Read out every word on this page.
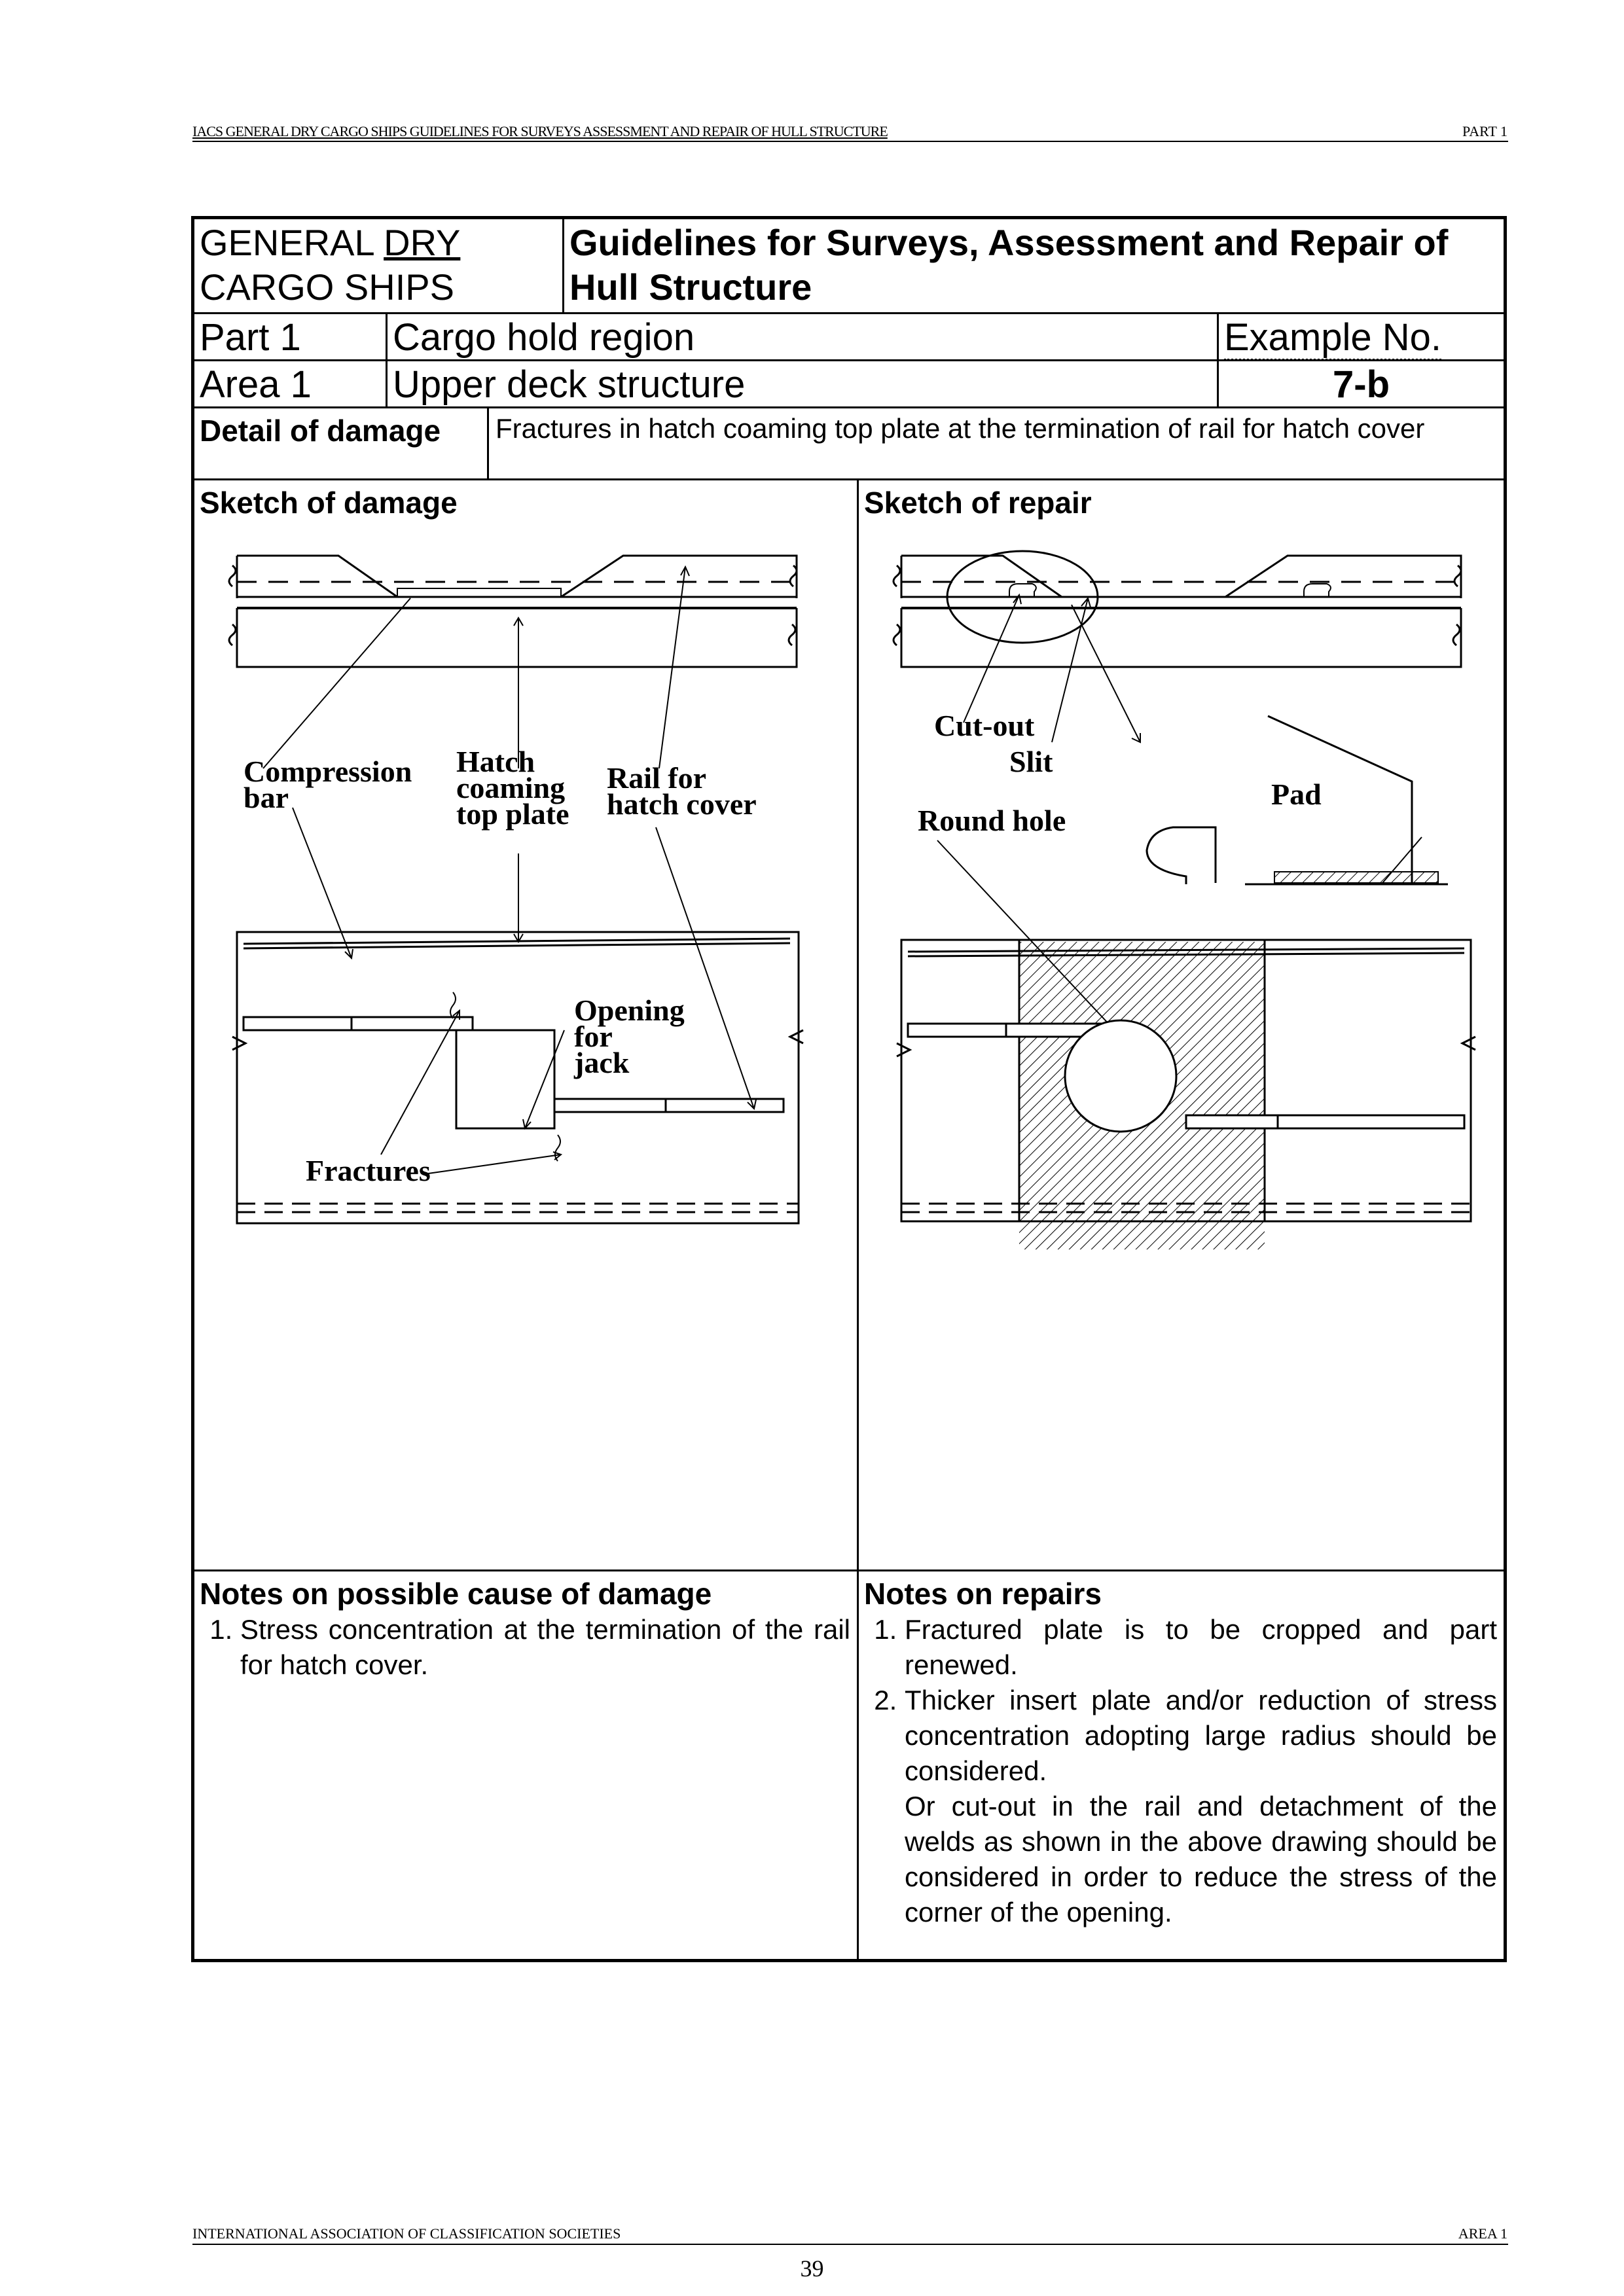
IACS GENERAL DRY CARGO SHIPS GUIDELINES FOR SURVEYS ASSESSMENT AND REPAIR OF HULL STRUCTURE	PART 1
GENERAL DRY
CARGO SHIPS
Guidelines for Surveys, Assessment and Repair of Hull Structure
Part 1	Cargo hold region	Example No.
Area 1	Upper deck structure	7-b
Detail of damage	Fractures in hatch coaming top plate at the termination of rail for hatch cover
Sketch of damage
Compression
bar
Hatch
coaming
top plate
Rail for
hatch cover
Opening
for
jack
Fractures
Sketch of repair
Cut-out
Slit
Pad
Round hole
Notes on possible cause of damage
1. Stress concentration at the termination of the rail for hatch cover.
Notes on repairs
1. Fractured plate is to be cropped and part renewed.
2. Thicker insert plate and/or reduction of stress concentration adopting large radius should be considered.
Or cut-out in the rail and detachment of the welds as shown in the above drawing should be considered in order to reduce the stress of the corner of the opening.
INTERNATIONAL ASSOCIATION OF CLASSIFICATION SOCIETIES	AREA 1
39
